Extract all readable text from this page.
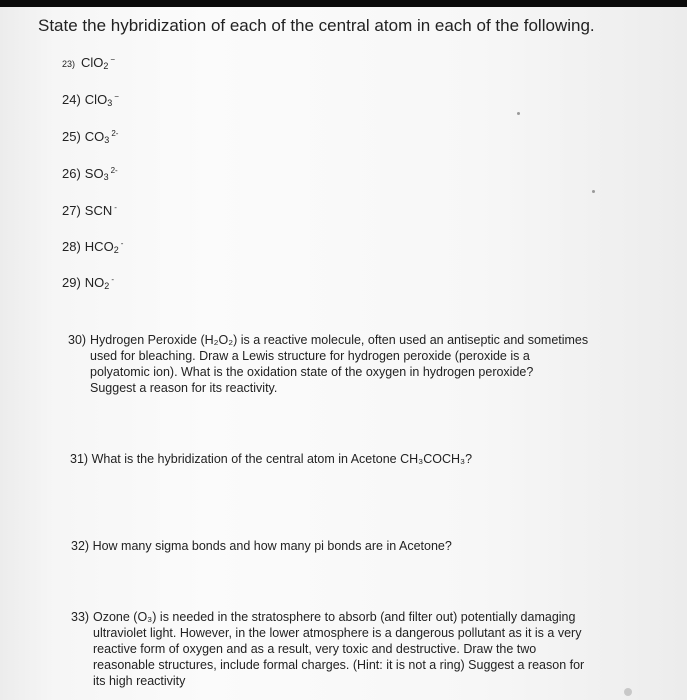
State the hybridization of each of the central atom in each of the following.
23) ClO$_2$−
24) ClO$_3$−
25) $CO_3^{2-}$
26) $SO_3^{2-}$
27) SCN -
28) $HCO_2^-$
29) $NO_2^-$
30) Hydrogen Peroxide (H₂O₂) is a reactive molecule, often used an antiseptic and sometimes
used for bleaching. Draw a Lewis structure for hydrogen peroxide (peroxide is a
polyatomic ion). What is the oxidation state of the oxygen in hydrogen peroxide?
Suggest a reason for its reactivity.
31) What is the hybridization of the central atom in Acetone CH₃COCH₃?
32) How many sigma bonds and how many pi bonds are in Acetone?
33) Ozone (O₃) is needed in the stratosphere to absorb (and filter out) potentially damaging
ultraviolet light. However, in the lower atmosphere is a dangerous pollutant as it is a very
reactive form of oxygen and as a result, very toxic and destructive. Draw the two
reasonable structures, include formal charges. (Hint: it is not a ring) Suggest a reason for
its high reactivity
